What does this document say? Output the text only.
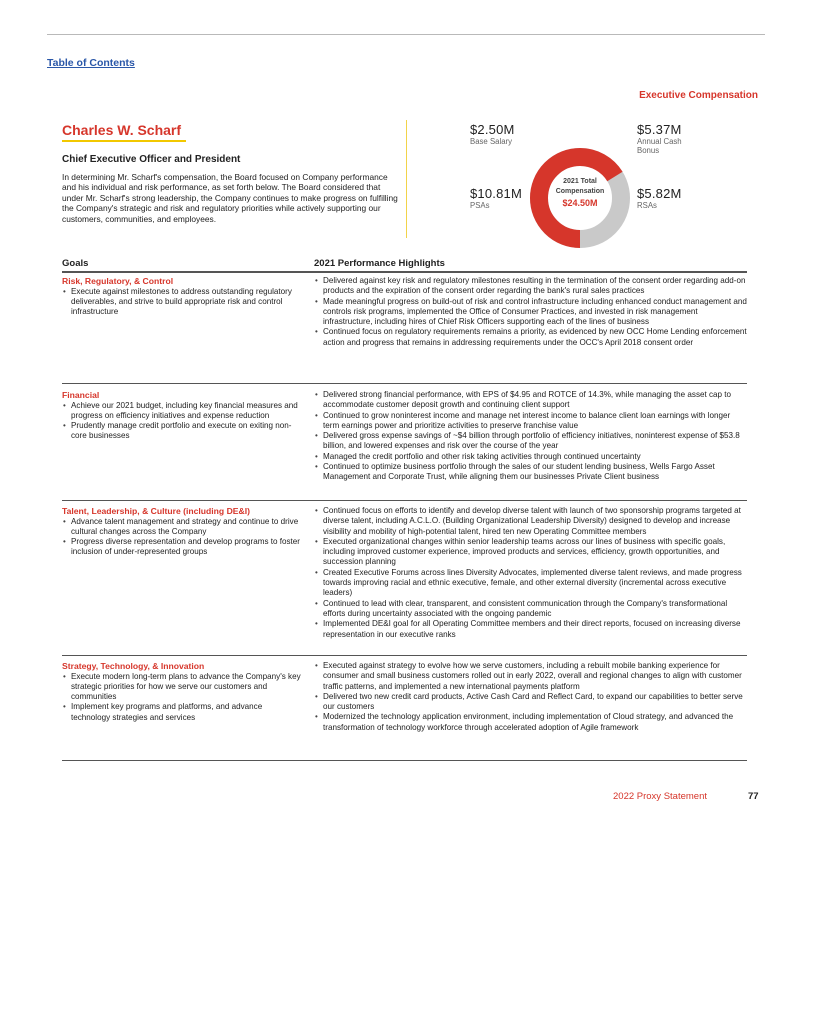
Table of Contents
Executive Compensation
Charles W. Scharf
Chief Executive Officer and President
In determining Mr. Scharf's compensation, the Board focused on Company performance and his individual and risk performance, as set forth below. The Board considered that under Mr. Scharf's strong leadership, the Company continues to make progress on fulfilling the Company's strategic and risk and regulatory priorities while actively supporting our customers, communities, and employees.
$2.50M
Base Salary
$5.37M
Annual Cash Bonus
$10.81M
PSAs
$5.82M
RSAs
2021 Total
Compensation
$24.50M
Goals	2021 Performance Highlights
Risk, Regulatory, & Control
• Execute against milestones to address outstanding regulatory deliverables, and strive to build appropriate risk and control infrastructure
• Delivered against key risk and regulatory milestones resulting in the termination of the consent order regarding add-on products and the expiration of the consent order regarding the bank's rural sales practices
• Made meaningful progress on build-out of risk and control infrastructure including enhanced conduct management and controls risk programs, implemented the Office of Consumer Practices, and invested in risk management infrastructure, including hires of Chief Risk Officers supporting each of the lines of business
• Continued focus on regulatory requirements remains a priority, as evidenced by new OCC Home Lending enforcement action and progress that remains in addressing requirements under the OCC's April 2018 consent order
Financial
• Achieve our 2021 budget, including key financial measures and progress on efficiency initiatives and expense reduction
• Prudently manage credit portfolio and execute on exiting non-core businesses
• Delivered strong financial performance, with EPS of $4.95 and ROTCE of 14.3%, while managing the asset cap to accommodate customer deposit growth and continuing client support
• Continued to grow noninterest income and manage net interest income to balance client loan earnings with longer term earnings power and prioritize activities to preserve franchise value
• Delivered gross expense savings of ~$4 billion through portfolio of efficiency initiatives, noninterest expense of $53.8 billion, and lowered expenses and risk over the course of the year
• Managed the credit portfolio and other risk taking activities through continued uncertainty
• Continued to optimize business portfolio through the sales of our student lending business, Wells Fargo Asset Management and Corporate Trust, while aligning them our businesses Private Client business
Talent, Leadership, & Culture (including DE&I)
• Advance talent management and strategy and continue to drive cultural changes across the Company
• Progress diverse representation and develop programs to foster inclusion of under-represented groups
• Continued focus on efforts to identify and develop diverse talent with launch of two sponsorship programs targeted at diverse talent, including A.C.L.O. (Building Organizational Leadership Diversity) designed to develop and increase visibility and mobility of high-potential talent, hired ten new Operating Committee members
• Executed organizational changes within senior leadership teams across our lines of business with specific goals, including improved customer experience, improved products and services, efficiency, growth opportunities, and succession planning
• Created Executive Forums across lines Diversity Advocates, implemented diverse talent reviews, and made progress towards improving racial and ethnic executive, female, and other external diversity (incremental across executive leaders)
• Continued to lead with clear, transparent, and consistent communication through the Company's transformational efforts during uncertainty associated with the ongoing pandemic
• Implemented DE&I goal for all Operating Committee members and their direct reports, focused on increasing diverse representation in our executive ranks
Strategy, Technology, & Innovation
• Execute modern long-term plans to advance the Company's key strategic priorities for how we serve our customers and communities
• Implement key programs and platforms, and advance technology strategies and services
• Executed against strategy to evolve how we serve customers, including a rebuilt mobile banking experience for consumer and small business customers rolled out in early 2022, overall and regional changes to align with customer traffic patterns, and implemented a new international payments platform
• Delivered two new credit card products, Active Cash Card and Reflect Card, to expand our capabilities to better serve our customers
• Modernized the technology application environment, including implementation of Cloud strategy, and advanced the transformation of technology workforce through accelerated adoption of Agile framework
2022 Proxy Statement	77
